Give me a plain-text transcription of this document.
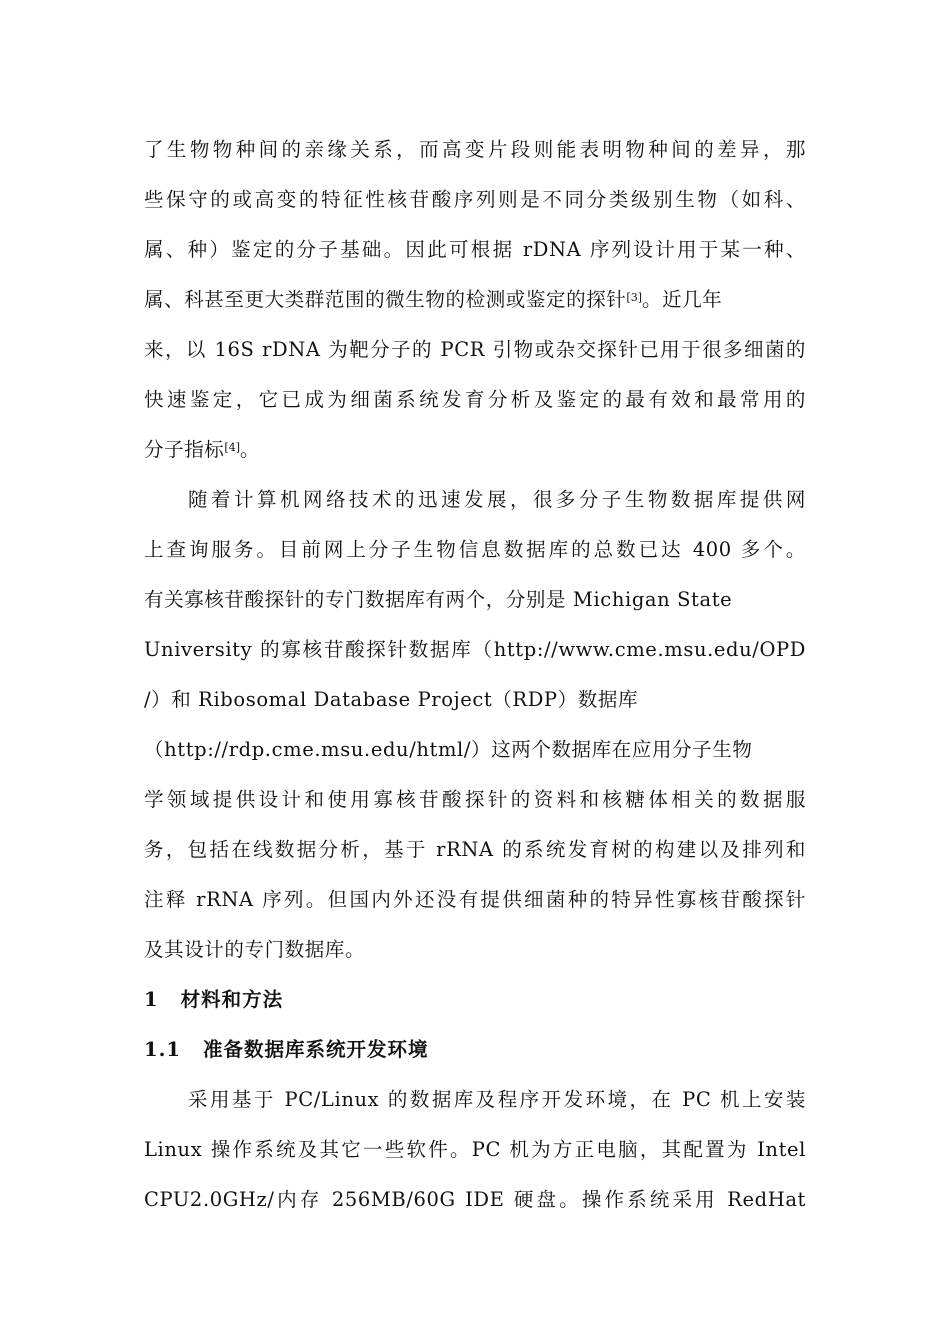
了生物物种间的亲缘关系，而高变片段则能表明物种间的差异，那
些保守的或高变的特征性核苷酸序列则是不同分类级别生物（如科、
属、种）鉴定的分子基础。因此可根据 rDNA 序列设计用于某一种、
属、科甚至更大类群范围的微生物的检测或鉴定的探针[3]。近几年
来，以 16S rDNA 为靶分子的 PCR 引物或杂交探针已用于很多细菌的
快速鉴定，它已成为细菌系统发育分析及鉴定的最有效和最常用的
分子指标[4]。
随着计算机网络技术的迅速发展，很多分子生物数据库提供网
上查询服务。目前网上分子生物信息数据库的总数已达 400 多个。
有关寡核苷酸探针的专门数据库有两个，分别是 Michigan State
University 的寡核苷酸探针数据库（http://www.cme.msu.edu/OPD
/）和 Ribosomal Database Project（RDP）数据库
（http://rdp.cme.msu.edu/html/）这两个数据库在应用分子生物
学领域提供设计和使用寡核苷酸探针的资料和核糖体相关的数据服
务，包括在线数据分析，基于 rRNA 的系统发育树的构建以及排列和
注释 rRNA 序列。但国内外还没有提供细菌种的特异性寡核苷酸探针
及其设计的专门数据库。
1 材料和方法
1.1 准备数据库系统开发环境
采用基于 PC/Linux 的数据库及程序开发环境，在 PC 机上安装
Linux 操作系统及其它一些软件。PC 机为方正电脑，其配置为 Intel
CPU2.0GHz/内存 256MB/60G IDE 硬盘。操作系统采用 RedHat
